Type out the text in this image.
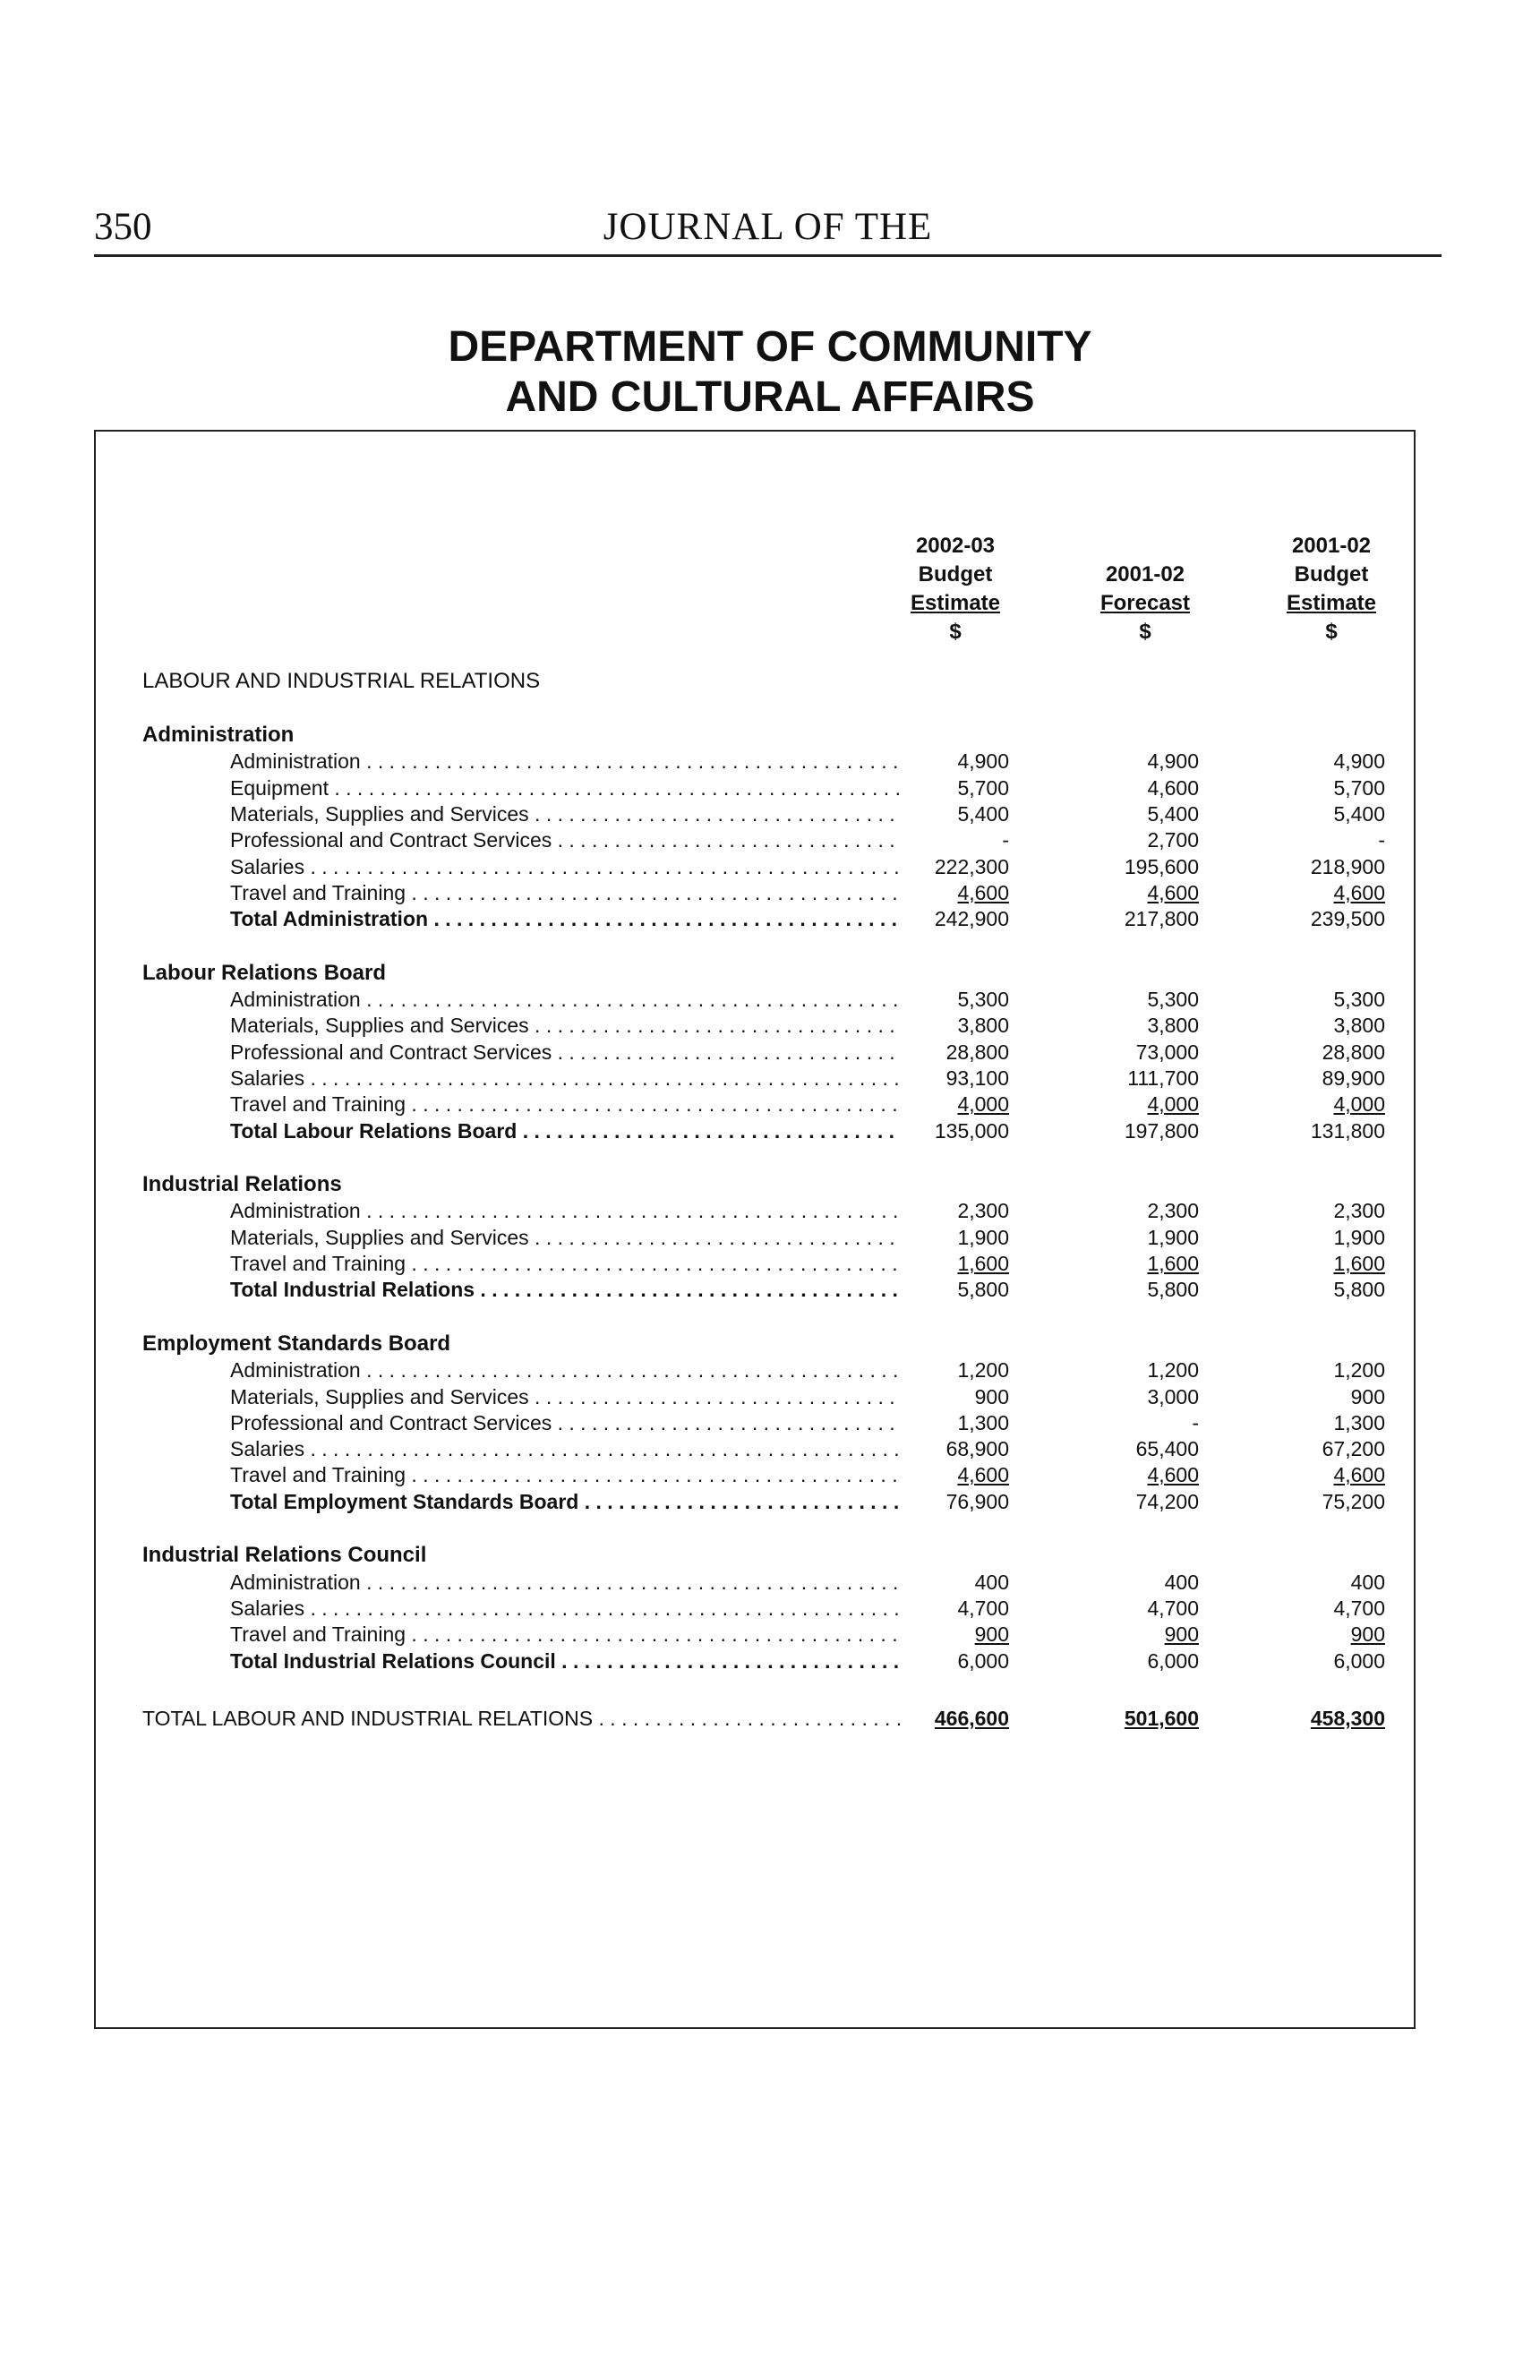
350	JOURNAL OF THE
DEPARTMENT OF COMMUNITY
AND CULTURAL AFFAIRS
2002-03
Budget
Estimate
$

2001-02
Forecast
$
2001-02
Budget
Estimate
$
LABOUR AND INDUSTRIAL RELATIONS
Administration
Administration . . .	4,900	4,900	4,900
Equipment . . .	5,700	4,600	5,700
Materials, Supplies and Services . . .	5,400	5,400	5,400
Professional and Contract Services . . .	-	2,700	-
Salaries . . .	222,300	195,600	218,900
Travel and Training . . .	4,600	4,600	4,600
Total Administration . . .	242,900	217,800	239,500
Labour Relations Board
Administration . . .	5,300	5,300	5,300
Materials, Supplies and Services . . .	3,800	3,800	3,800
Professional and Contract Services . . .	28,800	73,000	28,800
Salaries . . .	93,100	111,700	89,900
Travel and Training . . .	4,000	4,000	4,000
Total Labour Relations Board . . .	135,000	197,800	131,800
Industrial Relations
Administration . . .	2,300	2,300	2,300
Materials, Supplies and Services . . .	1,900	1,900	1,900
Travel and Training . . .	1,600	1,600	1,600
Total Industrial Relations . . .	5,800	5,800	5,800
Employment Standards Board
Administration . . .	1,200	1,200	1,200
Materials, Supplies and Services . . .	900	3,000	900
Professional and Contract Services . . .	1,300	-	1,300
Salaries . . .	68,900	65,400	67,200
Travel and Training . . .	4,600	4,600	4,600
Total Employment Standards Board . . .	76,900	74,200	75,200
Industrial Relations Council
Administration . . .	400	400	400
Salaries . . .	4,700	4,700	4,700
Travel and Training . . .	900	900	900
Total Industrial Relations Council . . .	6,000	6,000	6,000
TOTAL LABOUR AND INDUSTRIAL RELATIONS . . .	466,600	501,600	458,300
